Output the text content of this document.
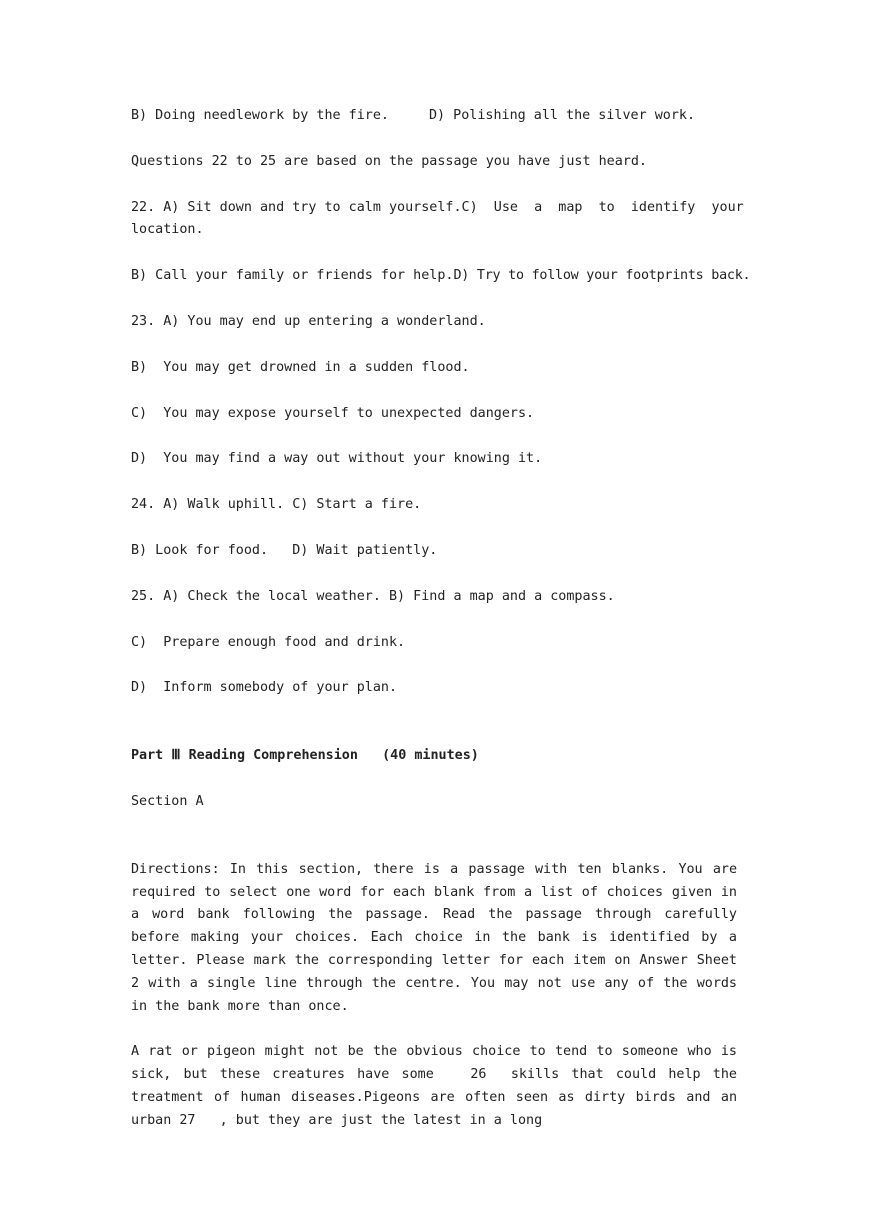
B) Doing needlework by the fire.	D) Polishing all the silver work.
Questions 22 to 25 are based on the passage you have just heard.
22. A) Sit down and try to calm yourself. C)  Use  a  map  to  identify  your
location.
B) Call your family or friends for help. D) Try to follow your footprints back.
23. A) You may end up entering a wonderland.
B)  You may get drowned in a sudden flood.
C)  You may expose yourself to unexpected dangers.
D)  You may find a way out without your knowing it.
24. A) Walk uphill. C) Start a fire.
B) Look for food.   D) Wait patiently.
25. A) Check the local weather. B) Find a map and a compass.
C)  Prepare enough food and drink.
D)  Inform somebody of your plan.
Part Ⅲ Reading Comprehension   (40 minutes)
Section A
Directions: In this section, there is a passage with ten blanks. You are required to select one word for each blank from a list of choices given in a word bank following the passage. Read the passage through carefully before making your choices. Each choice in the bank is identified by a letter. Please mark the corresponding letter for each item on Answer Sheet 2 with a single line through the centre. You may not use any of the words in the bank more than once.
A rat or pigeon might not be the obvious choice to tend to someone who is sick, but these creatures have some   26  skills that could help the treatment of human diseases.Pigeons are often seen as dirty birds and an urban 27   , but they are just the latest in a long
